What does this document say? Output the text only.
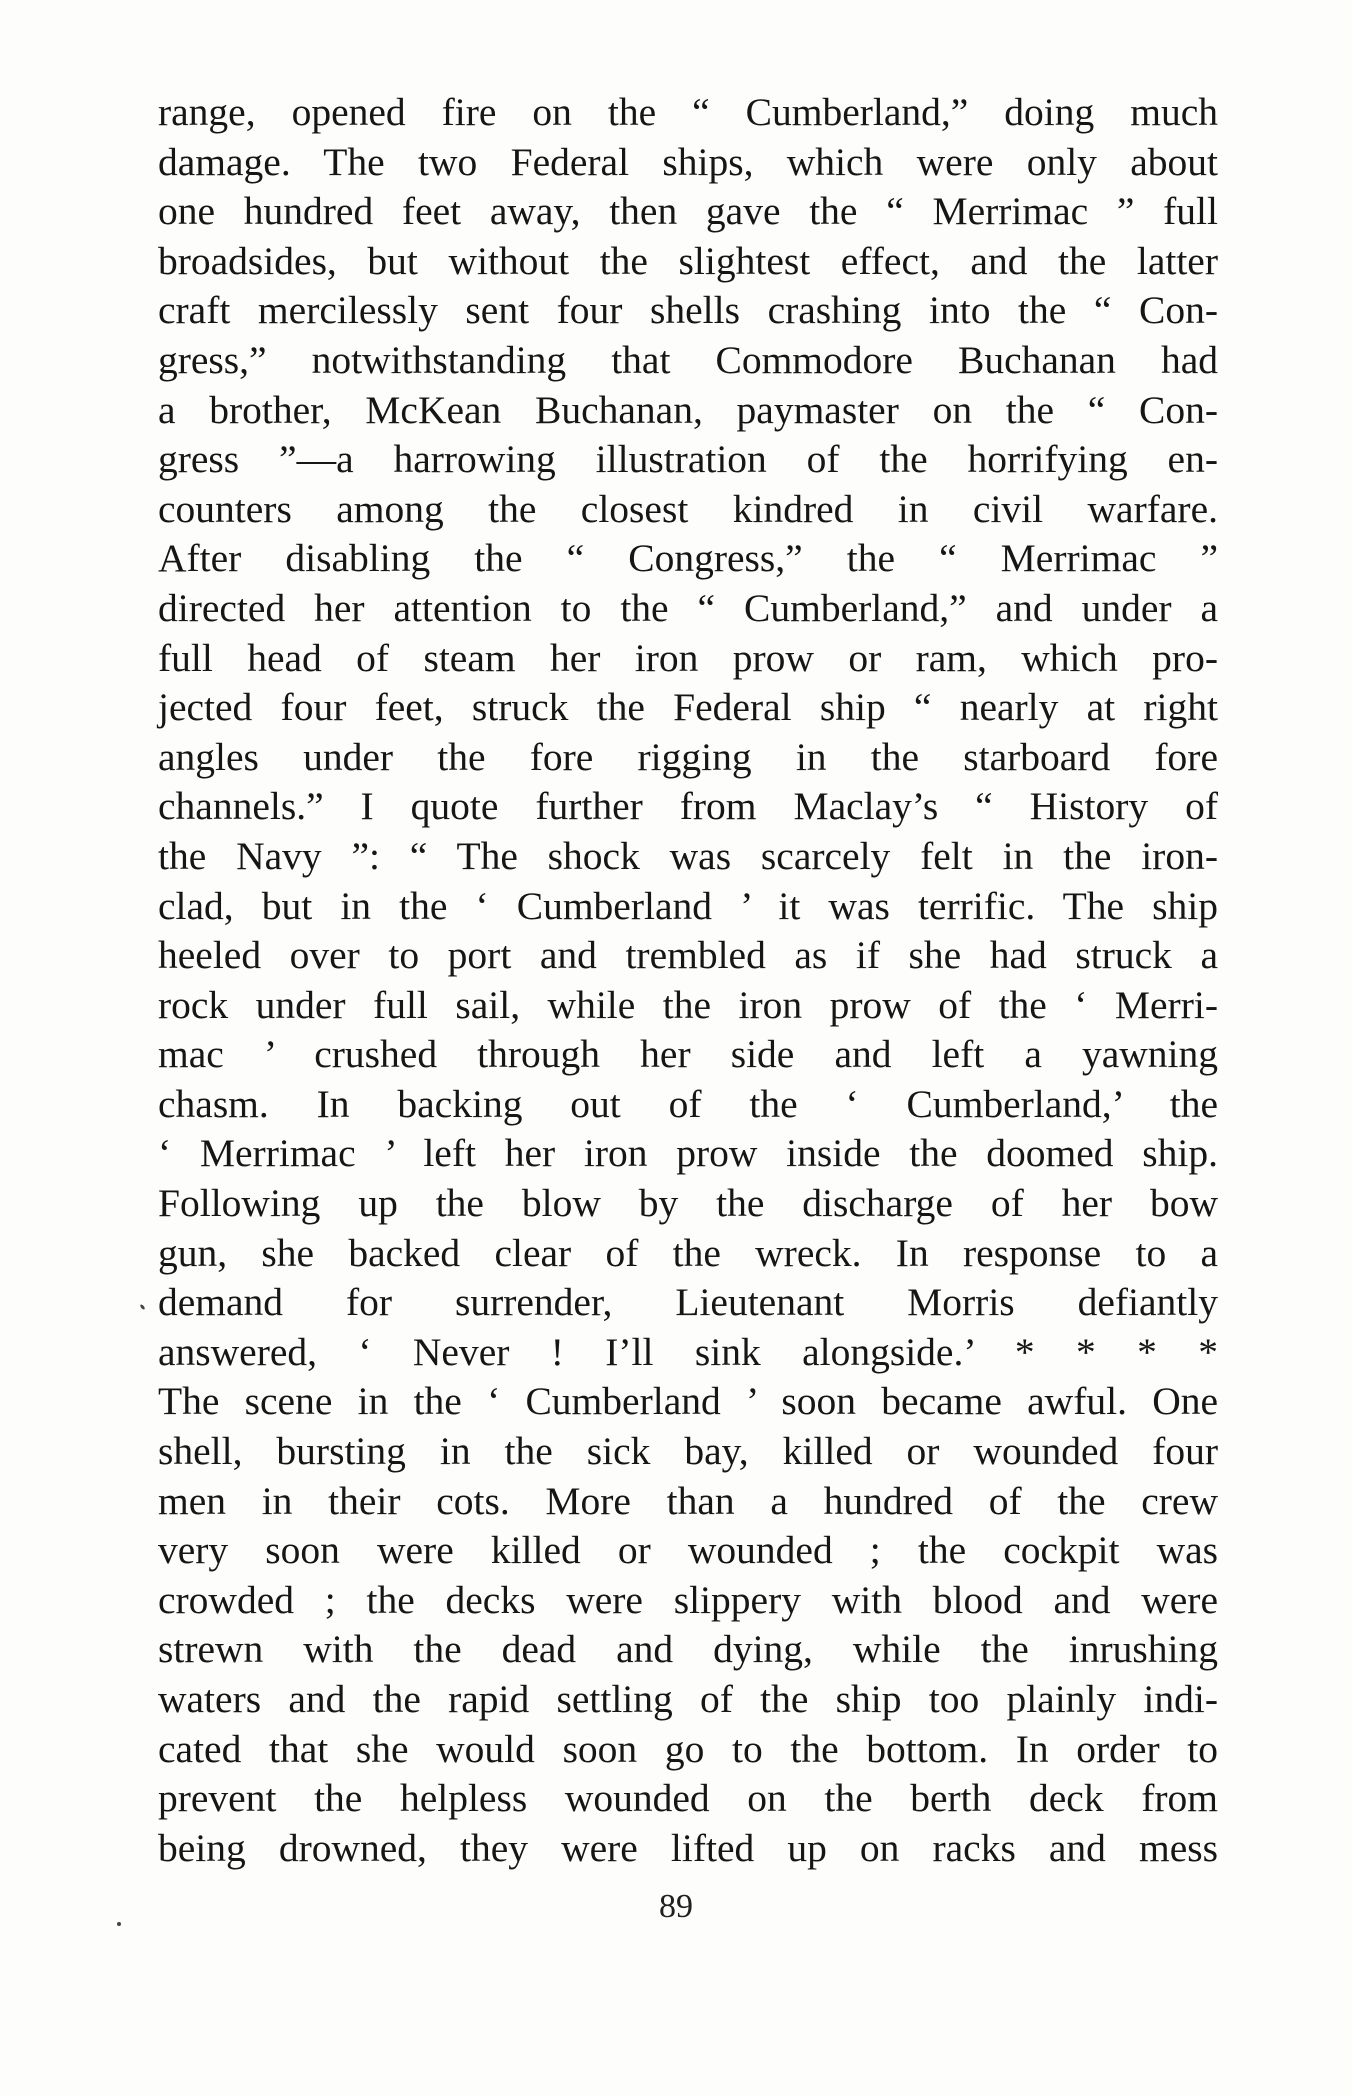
range, opened fire on the “ Cumberland,” doing much
damage. The two Federal ships, which were only about
one hundred feet away, then gave the “ Merrimac ” full
broadsides, but without the slightest effect, and the latter
craft mercilessly sent four shells crashing into the “ Con-
gress,” notwithstanding that Commodore Buchanan had
a brother, McKean Buchanan, paymaster on the “ Con-
gress ”—a harrowing illustration of the horrifying en-
counters among the closest kindred in civil warfare.
After disabling the “ Congress,” the “ Merrimac ”
directed her attention to the “ Cumberland,” and under a
full head of steam her iron prow or ram, which pro-
jected four feet, struck the Federal ship “ nearly at right
angles under the fore rigging in the starboard fore
channels.” I quote further from Maclay’s “ History of
the Navy ”: “ The shock was scarcely felt in the iron-
clad, but in the ‘ Cumberland ’ it was terrific. The ship
heeled over to port and trembled as if she had struck a
rock under full sail, while the iron prow of the ‘ Merri-
mac ’ crushed through her side and left a yawning
chasm. In backing out of the ‘ Cumberland,’ the
‘ Merrimac ’ left her iron prow inside the doomed ship.
Following up the blow by the discharge of her bow
gun, she backed clear of the wreck. In response to a
demand for surrender, Lieutenant Morris defiantly
answered, ‘ Never ! I’ll sink alongside.’ * * * *
The scene in the ‘ Cumberland ’ soon became awful. One
shell, bursting in the sick bay, killed or wounded four
men in their cots. More than a hundred of the crew
very soon were killed or wounded ; the cockpit was
crowded ; the decks were slippery with blood and were
strewn with the dead and dying, while the inrushing
waters and the rapid settling of the ship too plainly indi-
cated that she would soon go to the bottom. In order to
prevent the helpless wounded on the berth deck from
being drowned, they were lifted up on racks and mess
89
